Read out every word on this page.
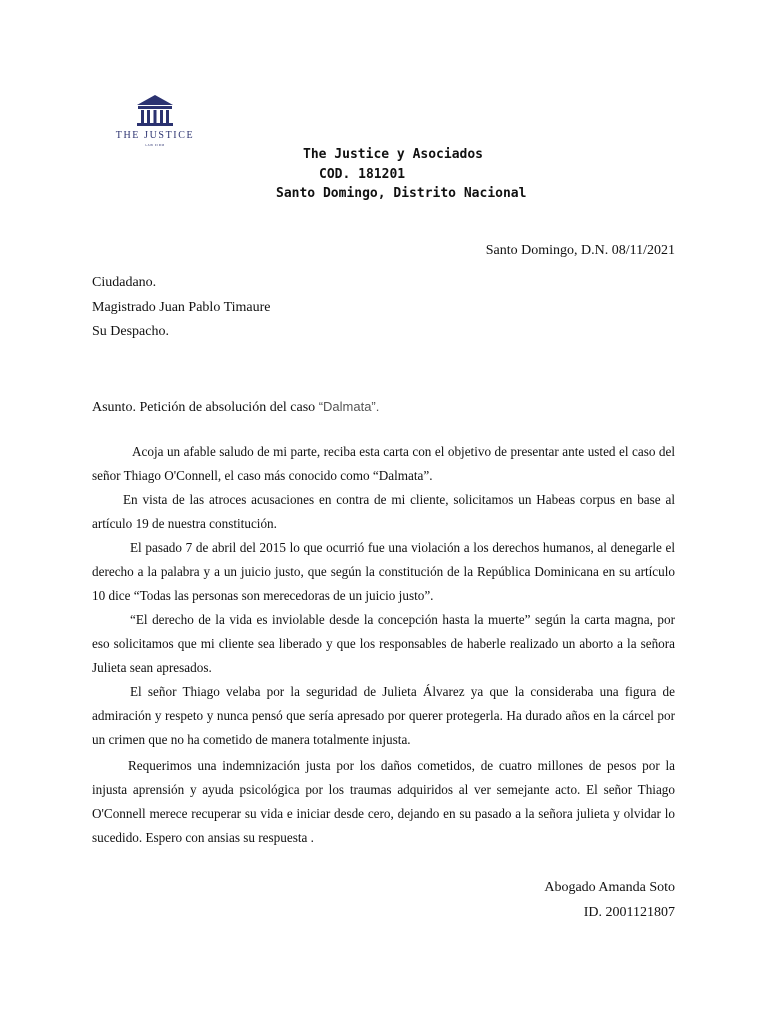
THE JUSTICE
LAW FIRM
The Justice y Asociados
COD. 181201
Santo Domingo, Distrito Nacional
Santo Domingo, D.N. 08/11/2021
Ciudadano.
Magistrado Juan Pablo Timaure
Su Despacho.
Asunto. Petición de absolución del caso “Dalmata”.

Acoja un afable saludo de mi parte, reciba esta carta con el objetivo de presentar ante usted el caso del señor Thiago O'Connell, el caso más conocido como “Dalmata”.

En vista de las atroces acusaciones en contra de mi cliente, solicitamos un Habeas corpus en base al artículo 19 de nuestra constitución.

El pasado 7 de abril del 2015 lo que ocurrió fue una violación a los derechos humanos, al denegarle el derecho a la palabra y a un juicio justo, que según la constitución de la República Dominicana en su artículo 10 dice “Todas las personas son merecedoras de un juicio justo”.

“El derecho de la vida es inviolable desde la concepción hasta la muerte” según la carta magna, por eso solicitamos que mi cliente sea liberado y que los responsables de haberle realizado un aborto a la señora Julieta sean apresados.

El señor Thiago velaba por la seguridad de Julieta Álvarez ya que la consideraba una figura de admiración y respeto y nunca pensó que sería apresado por querer protegerla. Ha durado años en la cárcel por un crimen que no ha cometido de manera totalmente injusta.

Requerimos una indemnización justa por los daños cometidos, de cuatro millones de pesos por la injusta aprensión y ayuda psicológica por los traumas adquiridos al ver semejante acto. El señor Thiago O'Connell merece recuperar su vida e iniciar desde cero, dejando en su pasado a la señora julieta y olvidar lo sucedido. Espero con ansias su respuesta .

Abogado Amanda Soto
ID. 2001121807
